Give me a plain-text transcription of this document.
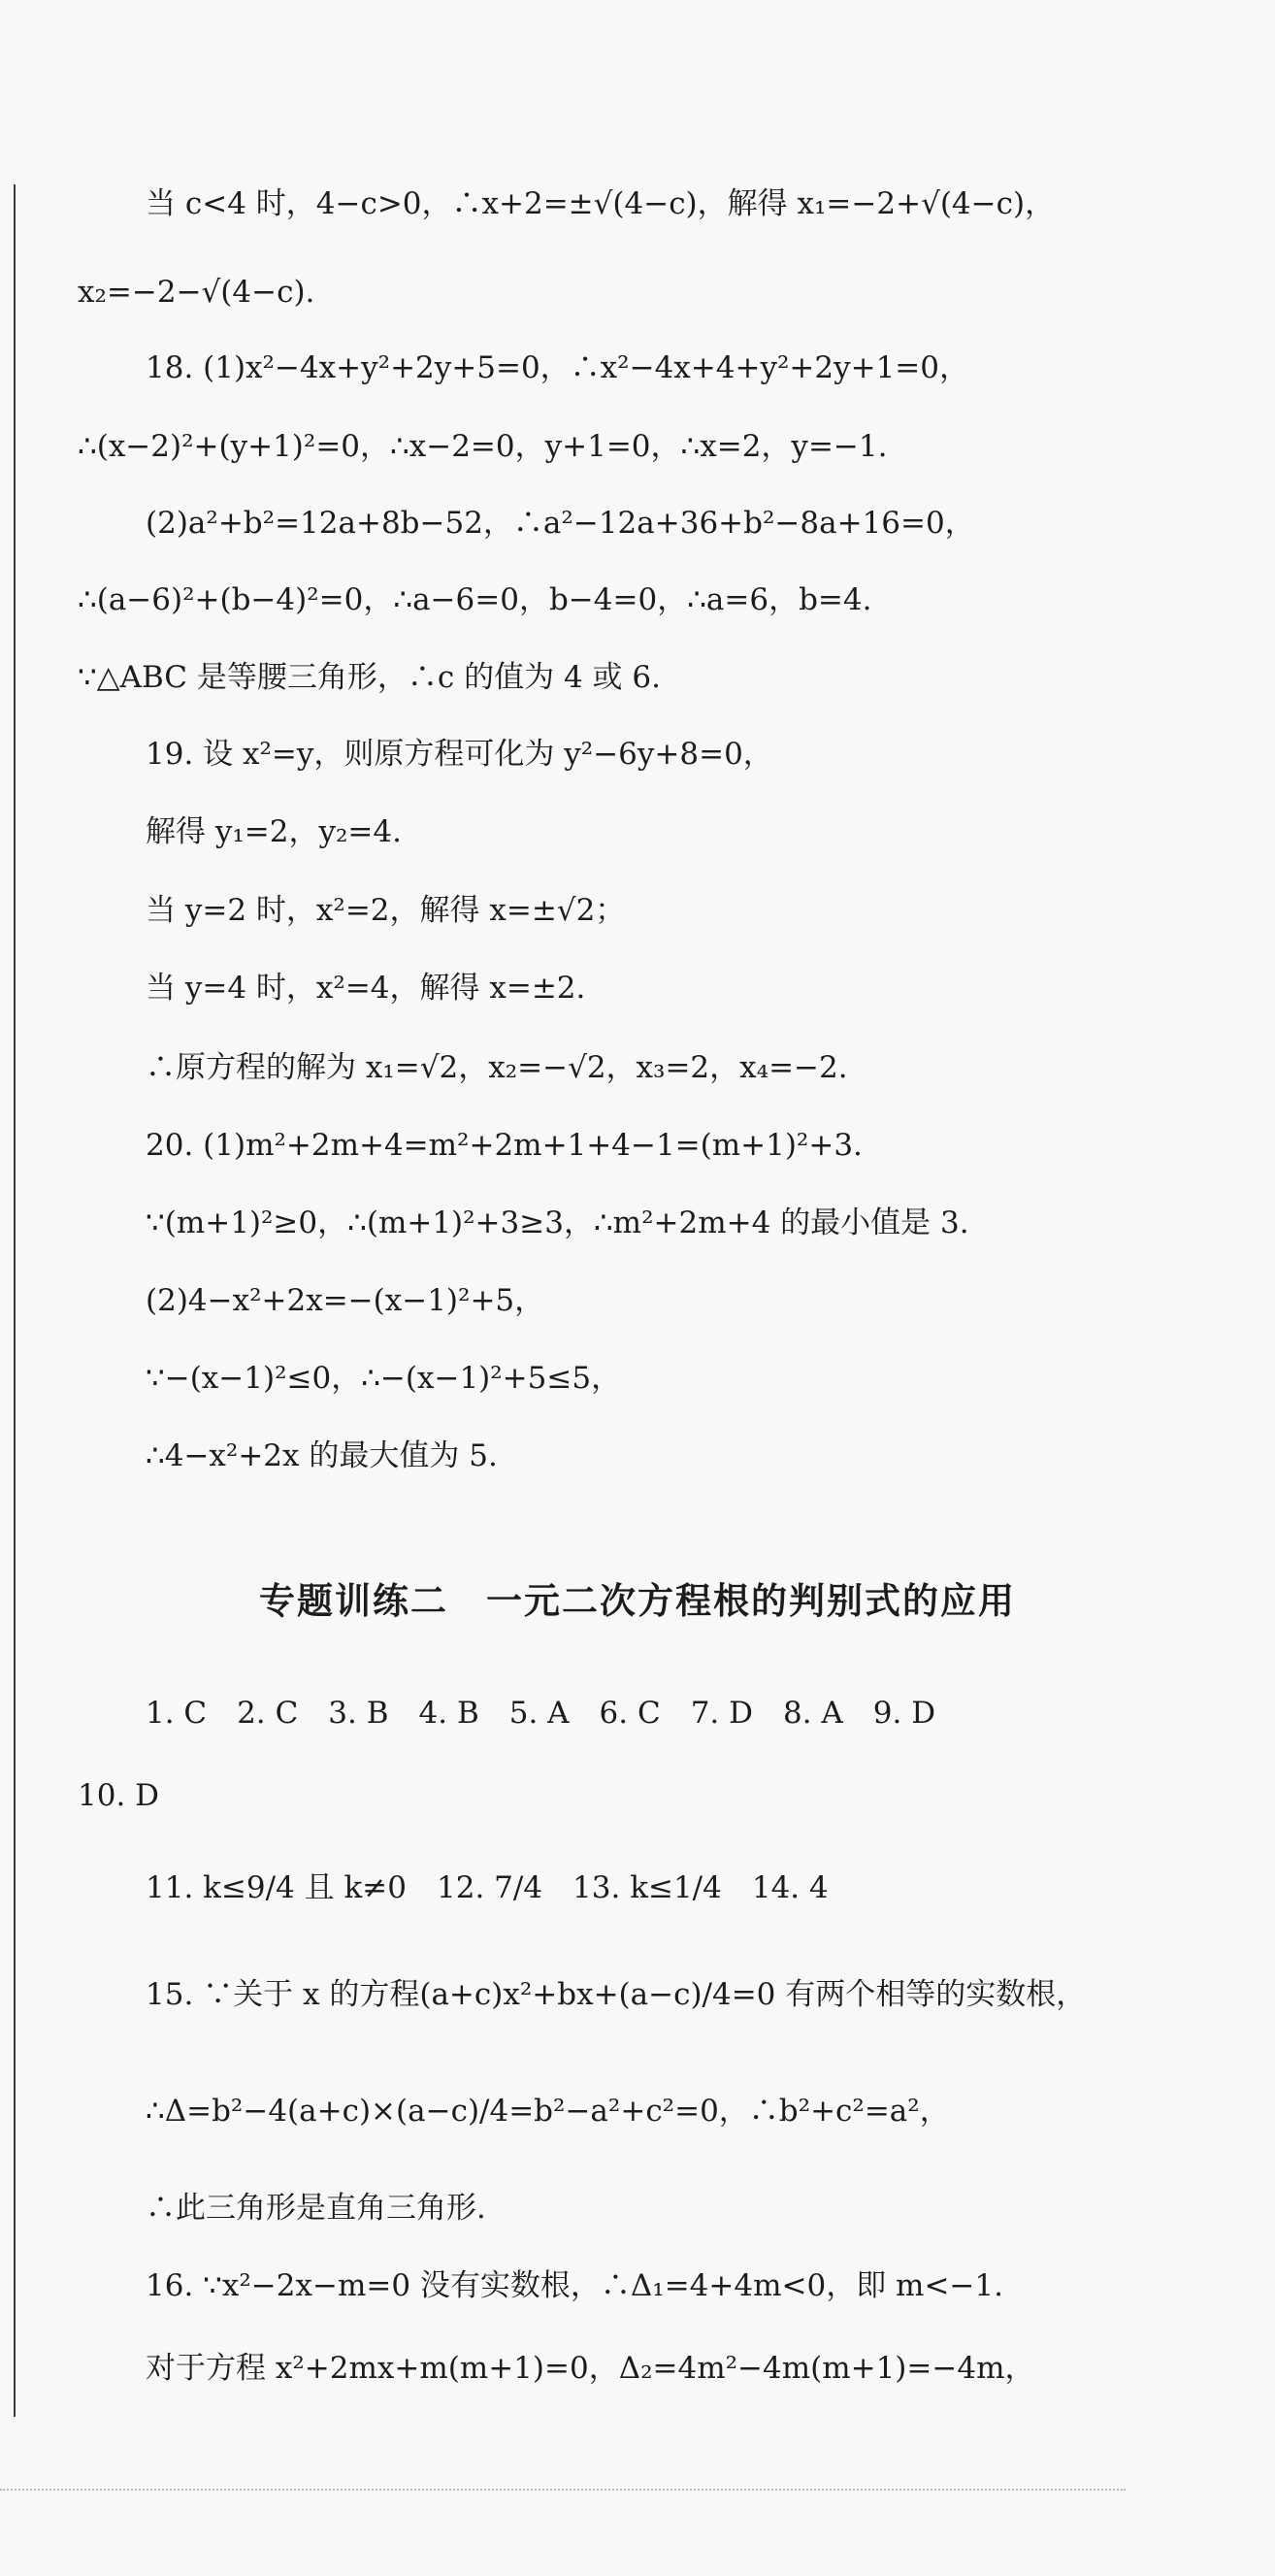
当 c<4 时，4−c>0，∴x+2=±√(4−c)，解得 x₁=−2+√(4−c)，
x₂=−2−√(4−c).
18. (1)x²−4x+y²+2y+5=0，∴x²−4x+4+y²+2y+1=0，
∴(x−2)²+(y+1)²=0，∴x−2=0，y+1=0，∴x=2，y=−1.
(2)a²+b²=12a+8b−52，∴a²−12a+36+b²−8a+16=0，
∴(a−6)²+(b−4)²=0，∴a−6=0，b−4=0，∴a=6，b=4.
∵△ABC 是等腰三角形，∴c 的值为 4 或 6.
19. 设 x²=y，则原方程可化为 y²−6y+8=0，
解得 y₁=2，y₂=4.
当 y=2 时，x²=2，解得 x=±√2；
当 y=4 时，x²=4，解得 x=±2.
∴原方程的解为 x₁=√2，x₂=−√2，x₃=2，x₄=−2.
20. (1)m²+2m+4=m²+2m+1+4−1=(m+1)²+3.
∵(m+1)²≥0，∴(m+1)²+3≥3，∴m²+2m+4 的最小值是 3.
(2)4−x²+2x=−(x−1)²+5，
∵−(x−1)²≤0，∴−(x−1)²+5≤5，
∴4−x²+2x 的最大值为 5.
专题训练二　一元二次方程根的判别式的应用
1. C　2. C　3. B　4. B　5. A　6. C　7. D　8. A　9. D
10. D
11. k≤9/4 且 k≠0　12. 7/4　13. k≤1/4　14. 4
15. ∵关于 x 的方程(a+c)x²+bx+(a−c)/4=0 有两个相等的实数根，
∴Δ=b²−4(a+c)×(a−c)/4=b²−a²+c²=0，∴b²+c²=a²，
∴此三角形是直角三角形.
16. ∵x²−2x−m=0 没有实数根，∴Δ₁=4+4m<0，即 m<−1.
对于方程 x²+2mx+m(m+1)=0，Δ₂=4m²−4m(m+1)=−4m，
